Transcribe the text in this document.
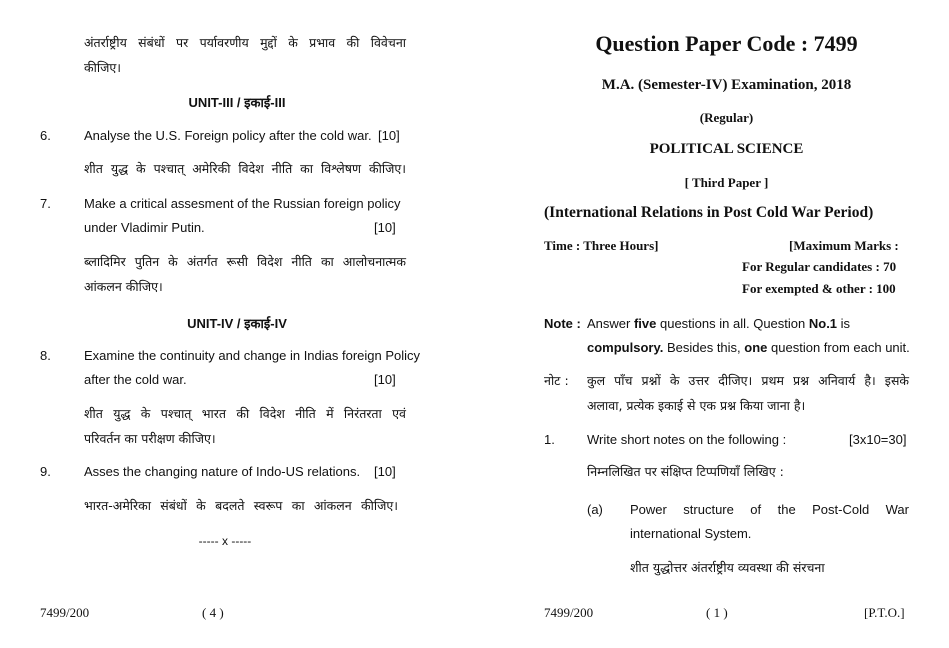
अंतर्राष्ट्रीय संबंधों पर पर्यावरणीय मुद्दों के प्रभाव की विवेचना
कीजिए।
UNIT-III / इकाई-III
6.	Analyse the U.S. Foreign policy after the cold war. [10]
शीत युद्ध के पश्चात् अमेरिकी विदेश नीति का विश्लेषण कीजिए।
7.	Make a critical assesment of the Russian foreign policy
under Vladimir Putin.	[10]
ब्लादिमिर पुतिन के अंतर्गत रूसी विदेश नीति का आलोचनात्मक
आंकलन कीजिए।
UNIT-IV / इकाई-IV
8.	Examine the continuity and change in Indias foreign Policy
after the cold war.	[10]
शीत युद्ध के पश्चात् भारत की विदेश नीति में निरंतरता एवं
परिवर्तन का परीक्षण कीजिए।
9.	Asses the changing nature of Indo-US relations. [10]
भारत-अमेरिका संबंधों के बदलते स्वरूप का आंकलन कीजिए।
----- x -----
7499/200	( 4 )
Question Paper Code : 7499
M.A. (Semester-IV) Examination, 2018
(Regular)
POLITICAL SCIENCE
[ Third Paper ]
(International Relations in Post Cold War Period)
Time : Three Hours]	[Maximum Marks :
For Regular candidates : 70
For exempted & other : 100
Note : Answer five questions in all. Question No.1 is
compulsory. Besides this, one question from each unit.
नोट : कुल पाँच प्रश्नों के उत्तर दीजिए। प्रथम प्रश्न अनिवार्य है। इसके
अलावा, प्रत्येक इकाई से एक प्रश्न किया जाना है।
1. Write short notes on the following :	[3x10=30]
निम्नलिखित पर संक्षिप्त टिप्पणियाँ लिखिए :
(a) Power structure of the Post-Cold War
international System.
शीत युद्धोत्तर अंतर्राष्ट्रीय व्यवस्था की संरचना
7499/200	( 1 )	[P.T.O.]
